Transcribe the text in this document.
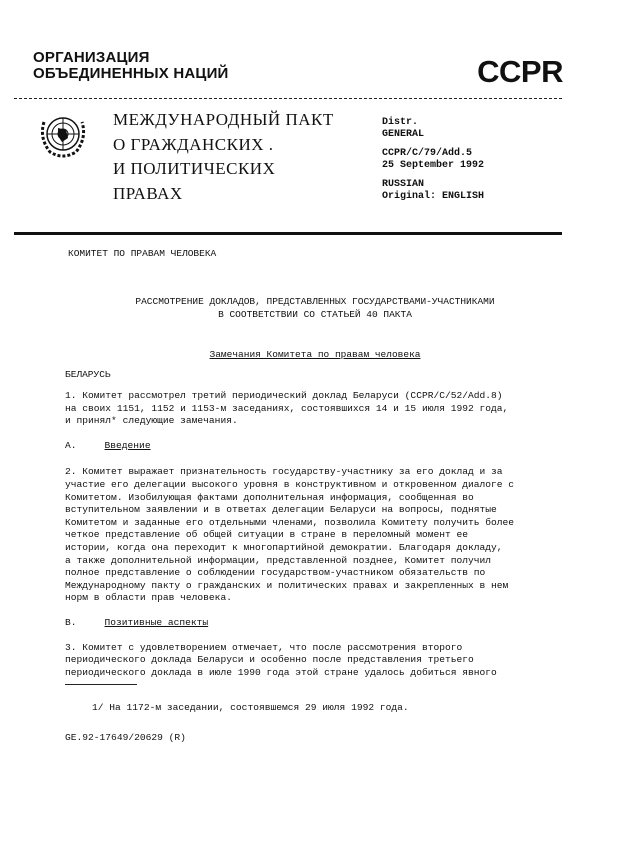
ОРГАНИЗАЦИЯ
ОБЪЕДИНЕННЫХ НАЦИЙ	CCPR
МЕЖДУНАРОДНЫЙ ПАКТ
О ГРАЖДАНСКИХ .
И ПОЛИТИЧЕСКИХ
ПРАВАХ
Distr.
GENERAL
CCPR/C/79/Add.5
25 September 1992
RUSSIAN
Original: ENGLISH
КОМИТЕТ ПО ПРАВАМ ЧЕЛОВЕКА
РАССМОТРЕНИЕ ДОКЛАДОВ, ПРЕДСТАВЛЕННЫХ ГОСУДАРСТВАМИ-УЧАСТНИКАМИ
В СООТВЕТСТВИИ СО СТАТЬЕЙ 40 ПАКТА
Замечания Комитета по правам человека
БЕЛАРУСЬ
1. Комитет рассмотрел третий периодический доклад Беларуси (CCPR/C/52/Add.8)
на своих 1151, 1152 и 1153-м заседаниях, состоявшихся 14 и 15 июля 1992 года,
и принял* следующие замечания.
А.	Введение
2. Комитет выражает признательность государству-участнику за его доклад и за
участие его делегации высокого уровня в конструктивном и откровенном диалоге с
Комитетом. Изобилующая фактами дополнительная информация, сообщенная во
вступительном заявлении и в ответах делегации Беларуси на вопросы, поднятые
Комитетом и заданные его отдельными членами, позволила Комитету получить более
четкое представление об общей ситуации в стране в переломный момент ее
истории, когда она переходит к многопартийной демократии. Благодаря докладу,
а также дополнительной информации, представленной позднее, Комитет получил
полное представление о соблюдении государством-участником обязательств по
Международному пакту о гражданских и политических правах и закрепленных в нем
норм в области прав человека.
В.	Позитивные аспекты
3. Комитет с удовлетворением отмечает, что после рассмотрения второго
периодического доклада Беларуси и особенно после представления третьего
периодического доклада в июле 1990 года этой стране удалось добиться явного
1/ На 1172-м заседании, состоявшемся 29 июля 1992 года.
GE.92-17649/20629 (R)
